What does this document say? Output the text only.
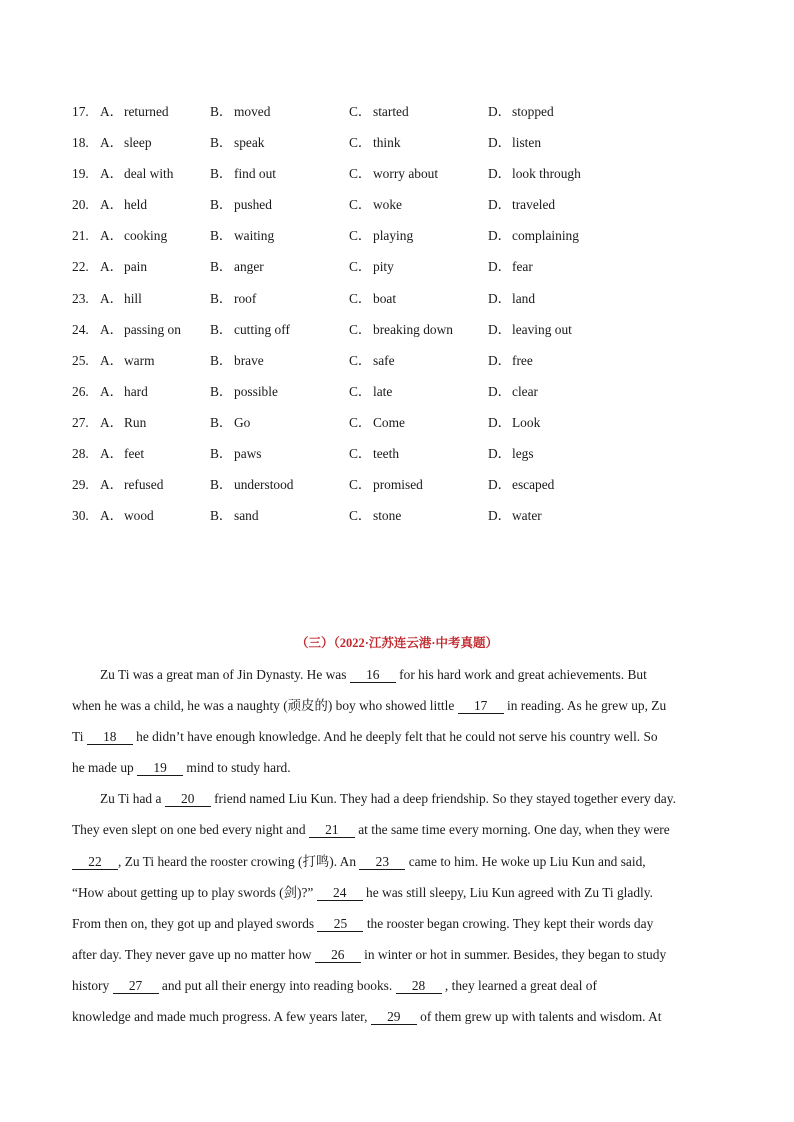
17. A． returned	B． moved	C． started	D． stopped
18. A． sleep	B． speak	C． think	D． listen
19. A． deal with	B． find out	C． worry about	D． look through
20. A． held	B． pushed	C． woke	D． traveled
21. A． cooking	B． waiting	C． playing	D． complaining
22. A． pain	B． anger	C． pity	D． fear
23. A． hill	B． roof	C． boat	D． land
24. A． passing on B． cutting off	C． breaking down	D． leaving out
25. A． warm	B． brave	C． safe	D． free
26. A． hard	B． possible	C． late	D． clear
27. A． Run	B． Go	C． Come	D． Look
28. A． feet	B． paws	C． teeth	D． legs
29. A． refused	B． understood	C． promised	D． escaped
30. A． wood	B． sand	C． stone	D． water
（三）（2022·江苏连云港·中考真题）
Zu Ti was a great man of Jin Dynasty. He was 16 for his hard work and great achievements. But
when he was a child, he was a naughty (顽皮的) boy who showed little 17 in reading. As he grew up, Zu
Ti 18 he didn’t have enough knowledge. And he deeply felt that he could not serve his country well. So
he made up 19 mind to study hard.
Zu Ti had a 20 friend named Liu Kun. They had a deep friendship. So they stayed together every day.
They even slept on one bed every night and 21 at the same time every morning. One day, when they were
22 , Zu Ti heard the rooster crowing (打鸣). An 23 came to him. He woke up Liu Kun and said,
“How about getting up to play swords (剑)?” 24 he was still sleepy, Liu Kun agreed with Zu Ti gladly.
From then on, they got up and played swords 25 the rooster began crowing. They kept their words day
after day. They never gave up no matter how 26 in winter or hot in summer. Besides, they began to study
history 27 and put all their energy into reading books. 28 , they learned a great deal of
knowledge and made much progress. A few years later, 29 of them grew up with talents and wisdom. At
